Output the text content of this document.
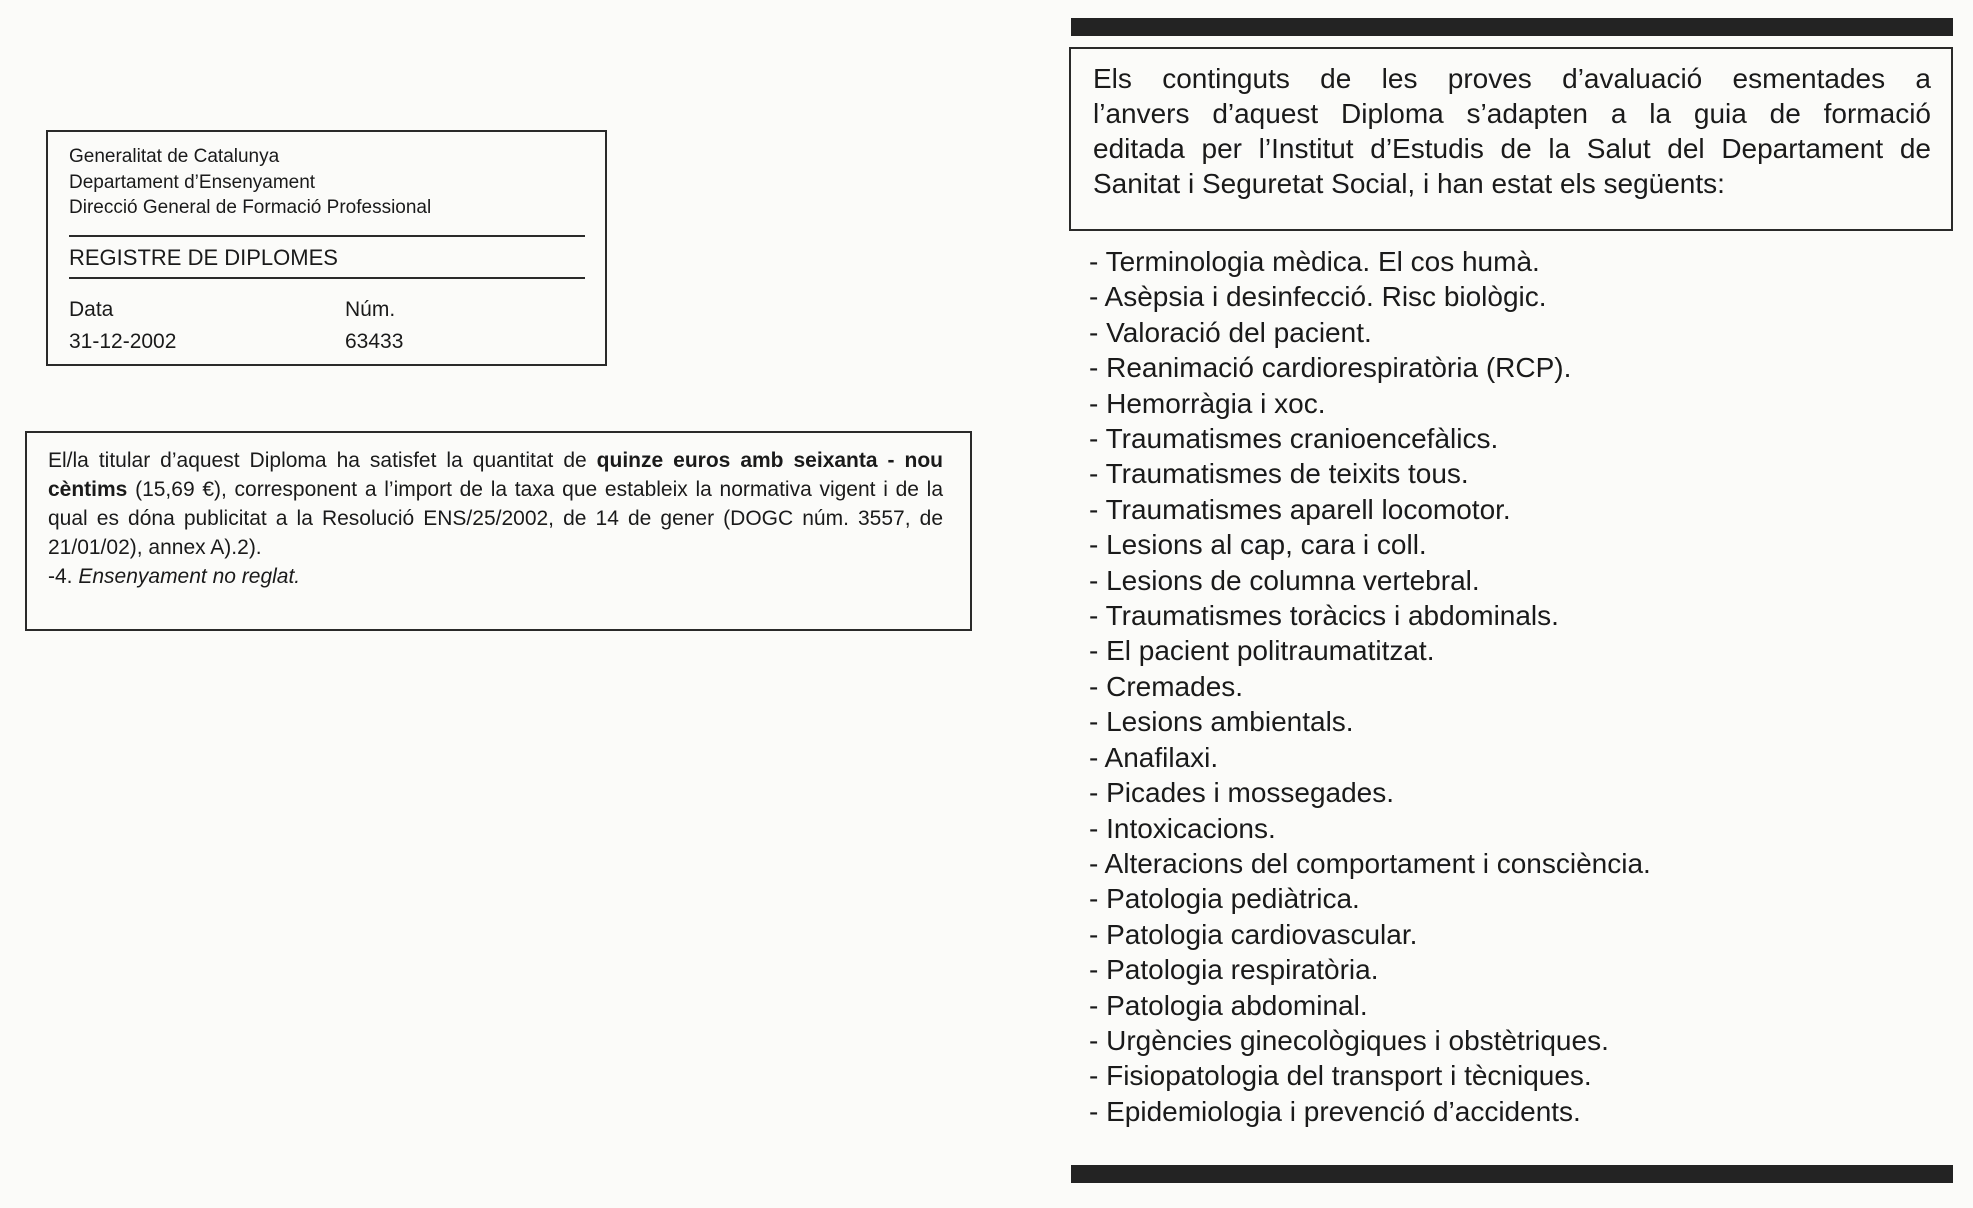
Generalitat de Catalunya
Departament d’Ensenyament
Direcció General de Formació Professional
REGISTRE DE DIPLOMES
Data	Núm.
31-12-2002	63433
El/la titular d’aquest Diploma ha satisfet la quantitat de quinze euros amb seixanta - nou cèntims (15,69 €), corresponent a l’import de la taxa que estableix la normativa vigent i de la qual es dóna publicitat a la Resolució ENS/25/2002, de 14 de gener (DOGC núm. 3557, de 21/01/02), annex A).2).
-4. Ensenyament no reglat.
Els continguts de les proves d’avaluació esmentades a
l’anvers d’aquest Diploma s’adapten a la guia de formació
editada per l’Institut d’Estudis de la Salut del Departament de
Sanitat i Seguretat Social, i han estat els següents:
- Terminologia mèdica. El cos humà.
- Asèpsia i desinfecció. Risc biològic.
- Valoració del pacient.
- Reanimació cardiorespiratòria (RCP).
- Hemorràgia i xoc.
- Traumatismes cranioencefàlics.
- Traumatismes de teixits tous.
- Traumatismes aparell locomotor.
- Lesions al cap, cara i coll.
- Lesions de columna vertebral.
- Traumatismes toràcics i abdominals.
- El pacient politraumatitzat.
- Cremades.
- Lesions ambientals.
- Anafilaxi.
- Picades i mossegades.
- Intoxicacions.
- Alteracions del comportament i consciència.
- Patologia pediàtrica.
- Patologia cardiovascular.
- Patologia respiratòria.
- Patologia abdominal.
- Urgències ginecològiques i obstètriques.
- Fisiopatologia del transport i tècniques.
- Epidemiologia i prevenció d’accidents.
